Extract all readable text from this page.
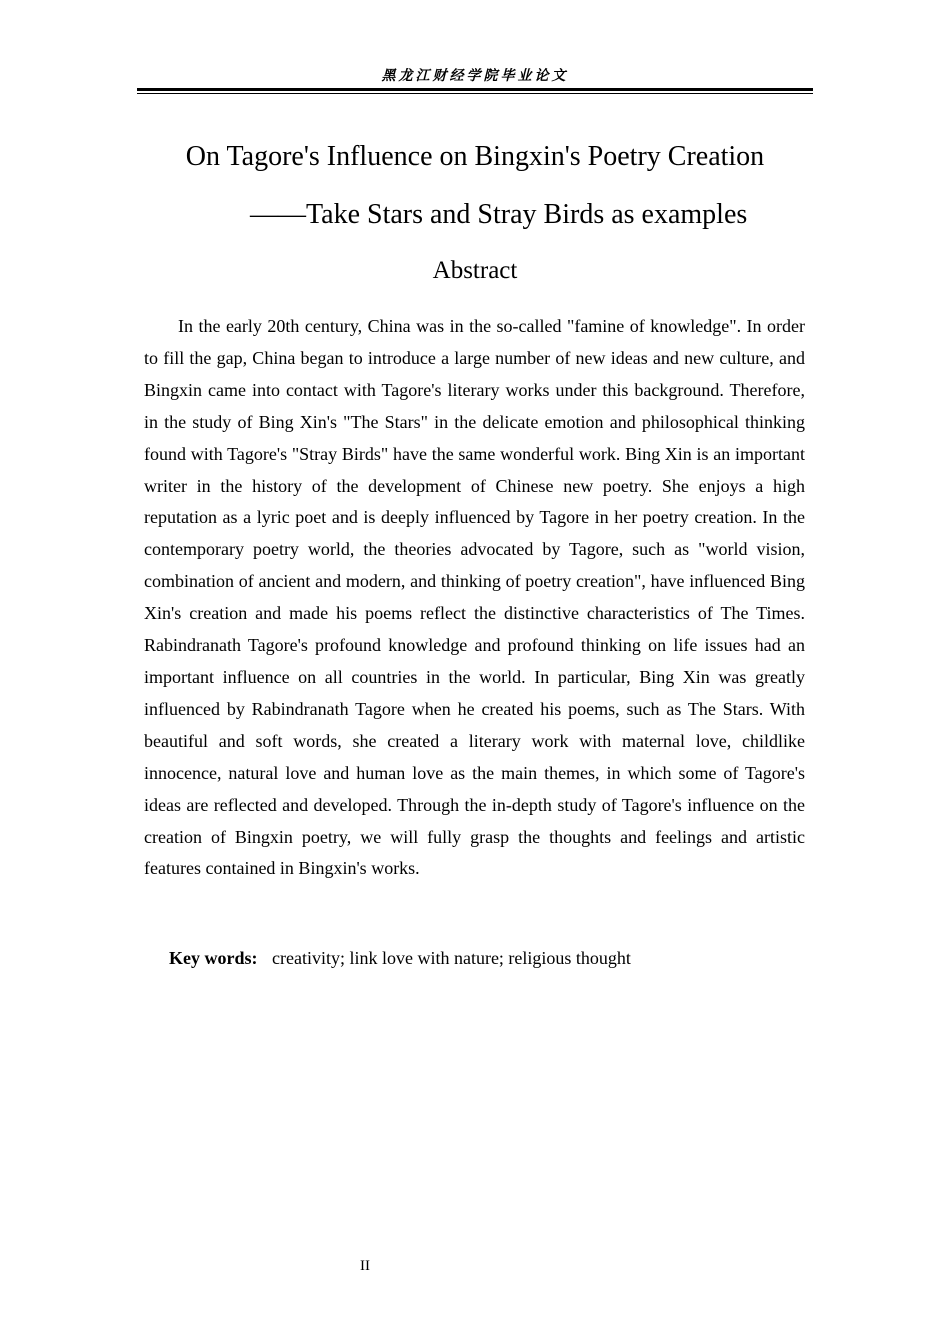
黑龙江财经学院毕业论文
On Tagore's Influence on Bingxin's Poetry Creation
——Take Stars and Stray Birds as examples
Abstract

In the early 20th century, China was in the so-called "famine of knowledge". In order to fill the gap, China began to introduce a large number of new ideas and new culture, and Bingxin came into contact with Tagore's literary works under this background. Therefore, in the study of Bing Xin's "The Stars" in the delicate emotion and philosophical thinking found with Tagore's "Stray Birds" have the same wonderful work. Bing Xin is an important writer in the history of the development of Chinese new poetry. She enjoys a high reputation as a lyric poet and is deeply influenced by Tagore in her poetry creation. In the contemporary poetry world, the theories advocated by Tagore, such as "world vision, combination of ancient and modern, and thinking of poetry creation", have influenced Bing Xin's creation and made his poems reflect the distinctive characteristics of The Times. Rabindranath Tagore's profound knowledge and profound thinking on life issues had an important influence on all countries in the world. In particular, Bing Xin was greatly influenced by Rabindranath Tagore when he created his poems, such as The Stars. With beautiful and soft words, she created a literary work with maternal love, childlike innocence, natural love and human love as the main themes, in which some of Tagore's ideas are reflected and developed. Through the in-depth study of Tagore's influence on the creation of Bingxin poetry, we will fully grasp the thoughts and feelings and artistic features contained in Bingxin's works.

Key words: creativity; link love with nature; religious thought
II
